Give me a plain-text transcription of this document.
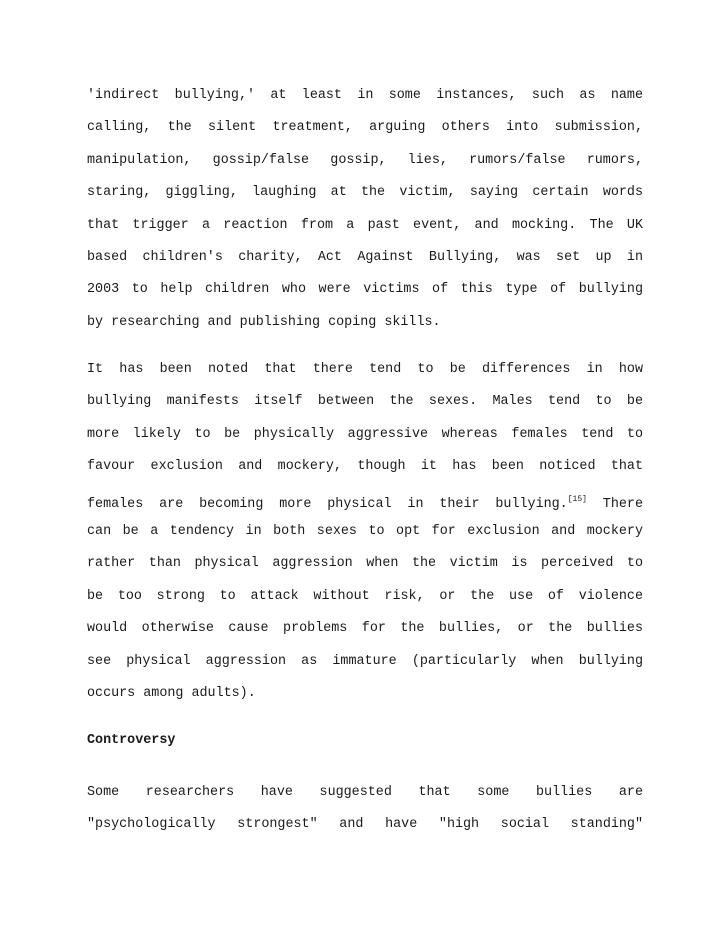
'indirect bullying,' at least in some instances, such as name
calling, the silent treatment, arguing others into submission,
manipulation, gossip/false gossip, lies, rumors/false rumors,
staring, giggling, laughing at the victim, saying certain words
that trigger a reaction from a past event, and mocking. The UK
based children's charity, Act Against Bullying, was set up in
2003 to help children who were victims of this type of bullying
by researching and publishing coping skills.
It has been noted that there tend to be differences in how
bullying manifests itself between the sexes. Males tend to be
more likely to be physically aggressive whereas females tend to
favour exclusion and mockery, though it has been noticed that
females are becoming more physical in their bullying.[15] There
can be a tendency in both sexes to opt for exclusion and mockery
rather than physical aggression when the victim is perceived to
be too strong to attack without risk, or the use of violence
would otherwise cause problems for the bullies, or the bullies
see physical aggression as immature (particularly when bullying
occurs among adults).
Controversy
Some researchers have suggested that some bullies are
"psychologically strongest" and have "high social standing"
